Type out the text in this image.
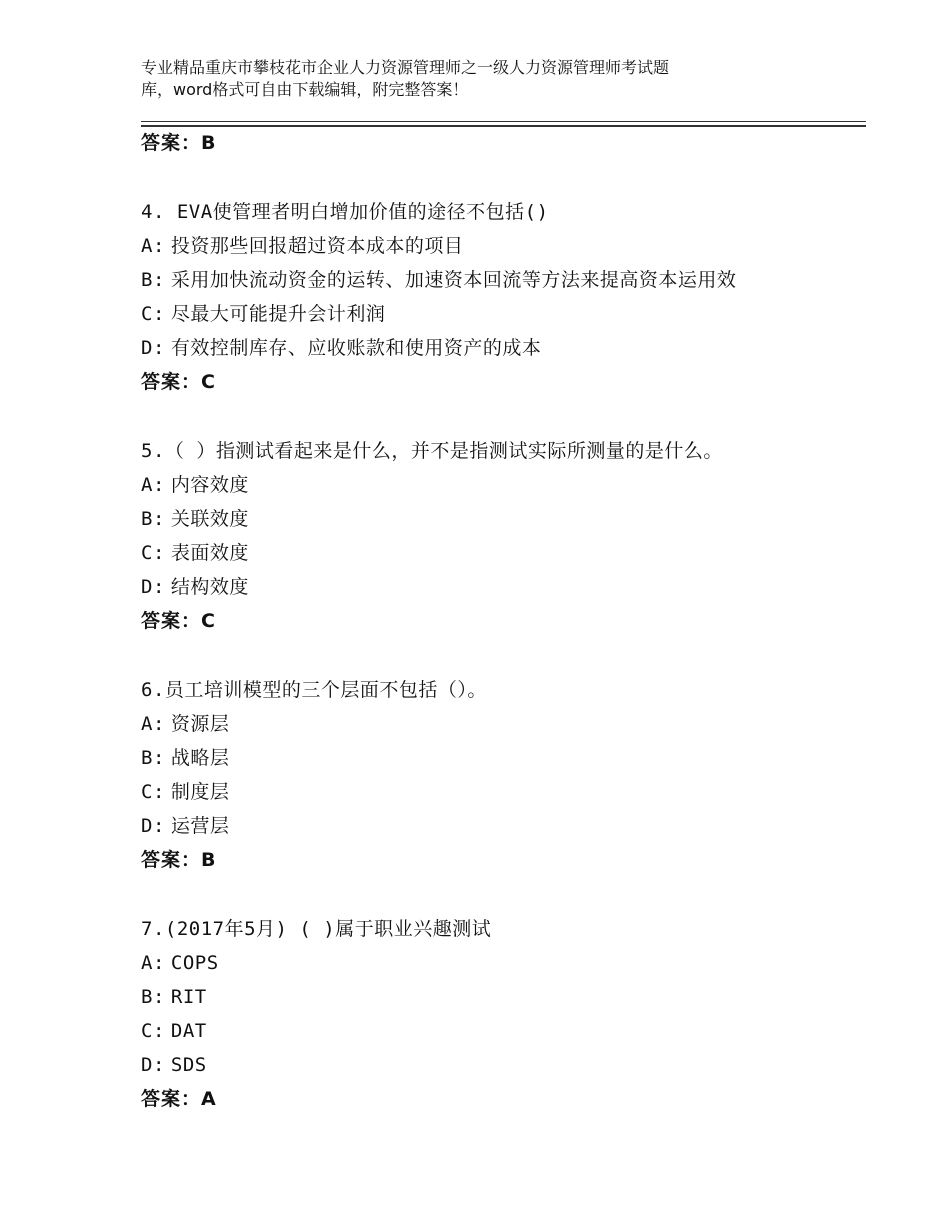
专业精品重庆市攀枝花市企业人力资源管理师之一级人力资源管理师考试题
库，word格式可自由下载编辑，附完整答案！
答案：B
4. EVA使管理者明白增加价值的途径不包括()
A: 投资那些回报超过资本成本的项目
B: 采用加快流动资金的运转、加速资本回流等方法来提高资本运用效
C: 尽最大可能提升会计利润
D: 有效控制库存、应收账款和使用资产的成本
答案：C
5.（ ）指测试看起来是什么，并不是指测试实际所测量的是什么。
A: 内容效度
B: 关联效度
C: 表面效度
D: 结构效度
答案：C
6.员工培训模型的三个层面不包括（）。
A: 资源层
B: 战略层
C: 制度层
D: 运营层
答案：B
7.(2017年5月) ( )属于职业兴趣测试
A: COPS
B: RIT
C: DAT
D: SDS
答案：A
